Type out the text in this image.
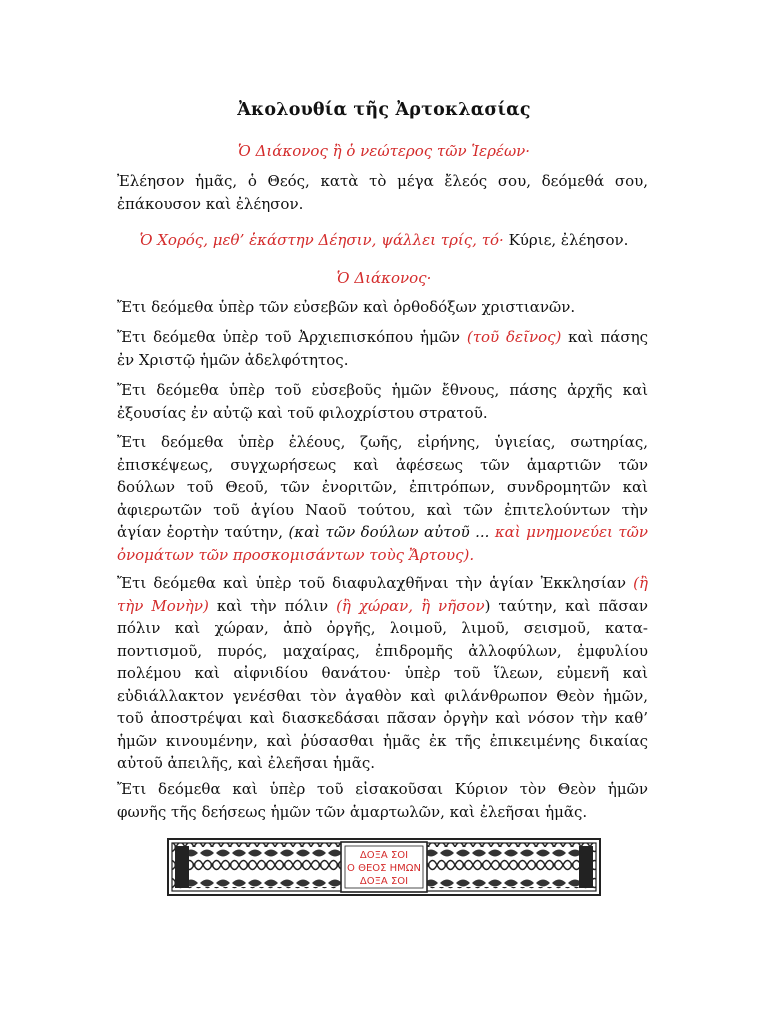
Ἀκολουθία τῆς Ἀρτοκλασίας

Ὁ Διάκονος ἢ ὁ νεώτερος τῶν Ἱερέων·

Ἐλέησον ἡμᾶς, ὁ Θεός, κατὰ τὸ μέγα ἔλεός σου, δεόμεθά σου,
ἐπάκουσον καὶ ἐλέησον.

Ὁ Χορός, μεθ’ ἑκάστην Δέησιν, ψάλλει τρίς, τό· Κύριε, ἐλέησον.

Ὁ Διάκονος·

Ἔτι δεόμεθα ὑπὲρ τῶν εὐσεβῶν καὶ ὀρθοδόξων χριστιανῶν.
Ἔτι δεόμεθα ὑπὲρ τοῦ Ἀρχιεπισκόπου ἡμῶν (τοῦ δεῖνος) καὶ πάσης
ἐν Χριστῷ ἡμῶν ἀδελφότητος.
Ἔτι δεόμεθα ὑπὲρ τοῦ εὐσεβοῦς ἡμῶν ἔθνους, πάσης ἀρχῆς καὶ
ἐξουσίας ἐν αὐτῷ καὶ τοῦ φιλοχρίστου στρατοῦ.
Ἔτι δεόμεθα ὑπὲρ ἐλέους, ζωῆς, εἰρήνης, ὑγιείας, σωτηρίας,
ἐπισκέψεως, συγχωρήσεως καὶ ἀφέσεως τῶν ἁμαρτιῶν τῶν
δούλων τοῦ Θεοῦ, τῶν ἐνοριτῶν, ἐπιτρόπων, συνδρομητῶν καὶ
ἀφιερωτῶν τοῦ ἁγίου Ναοῦ τούτου, καὶ τῶν ἐπιτελούντων τὴν
ἁγίαν ἑορτὴν ταύτην, (καὶ τῶν δούλων αὐτοῦ ... καὶ μνημονεύει τῶν
ὀνομάτων τῶν προσκομισάντων τοὺς Ἄρτους).
Ἔτι δεόμεθα καὶ ὑπὲρ τοῦ διαφυλαχθῆναι τὴν ἁγίαν Ἐκκλησίαν (ἢ
τὴν Μονὴν) καὶ τὴν πόλιν (ἢ χώραν, ἢ νῆσον) ταύτην, καὶ πᾶσαν
πόλιν καὶ χώραν, ἀπὸ ὀργῆς, λοιμοῦ, λιμοῦ, σεισμοῦ, κατα-
ποντισμοῦ, πυρός, μαχαίρας, ἐπιδρομῆς ἀλλοφύλων, ἐμφυλίου
πολέμου καὶ αἰφνιδίου θανάτου· ὑπὲρ τοῦ ἵλεων, εὐμενῆ καὶ
εὐδιάλλακτον γενέσθαι τὸν ἀγαθὸν καὶ φιλάνθρωπον Θεὸν ἡμῶν,
τοῦ ἀποστρέψαι καὶ διασκεδάσαι πᾶσαν ὀργὴν καὶ νόσον τὴν καθ’
ἡμῶν κινουμένην, καὶ ῥύσασθαι ἡμᾶς ἐκ τῆς ἐπικειμένης δικαίας
αὐτοῦ ἀπειλῆς, καὶ ἐλεῆσαι ἡμᾶς.
Ἔτι δεόμεθα καὶ ὑπὲρ τοῦ εἰσακοῦσαι Κύριον τὸν Θεὸν ἡμῶν
φωνῆς τῆς δεήσεως ἡμῶν τῶν ἁμαρτωλῶν, καὶ ἐλεῆσαι ἡμᾶς.
ΔΟΞΑ ΣΟΙ
Ο ΘΕΟΣ ΗΜΩΝ
ΔΟΞΑ ΣΟΙ
